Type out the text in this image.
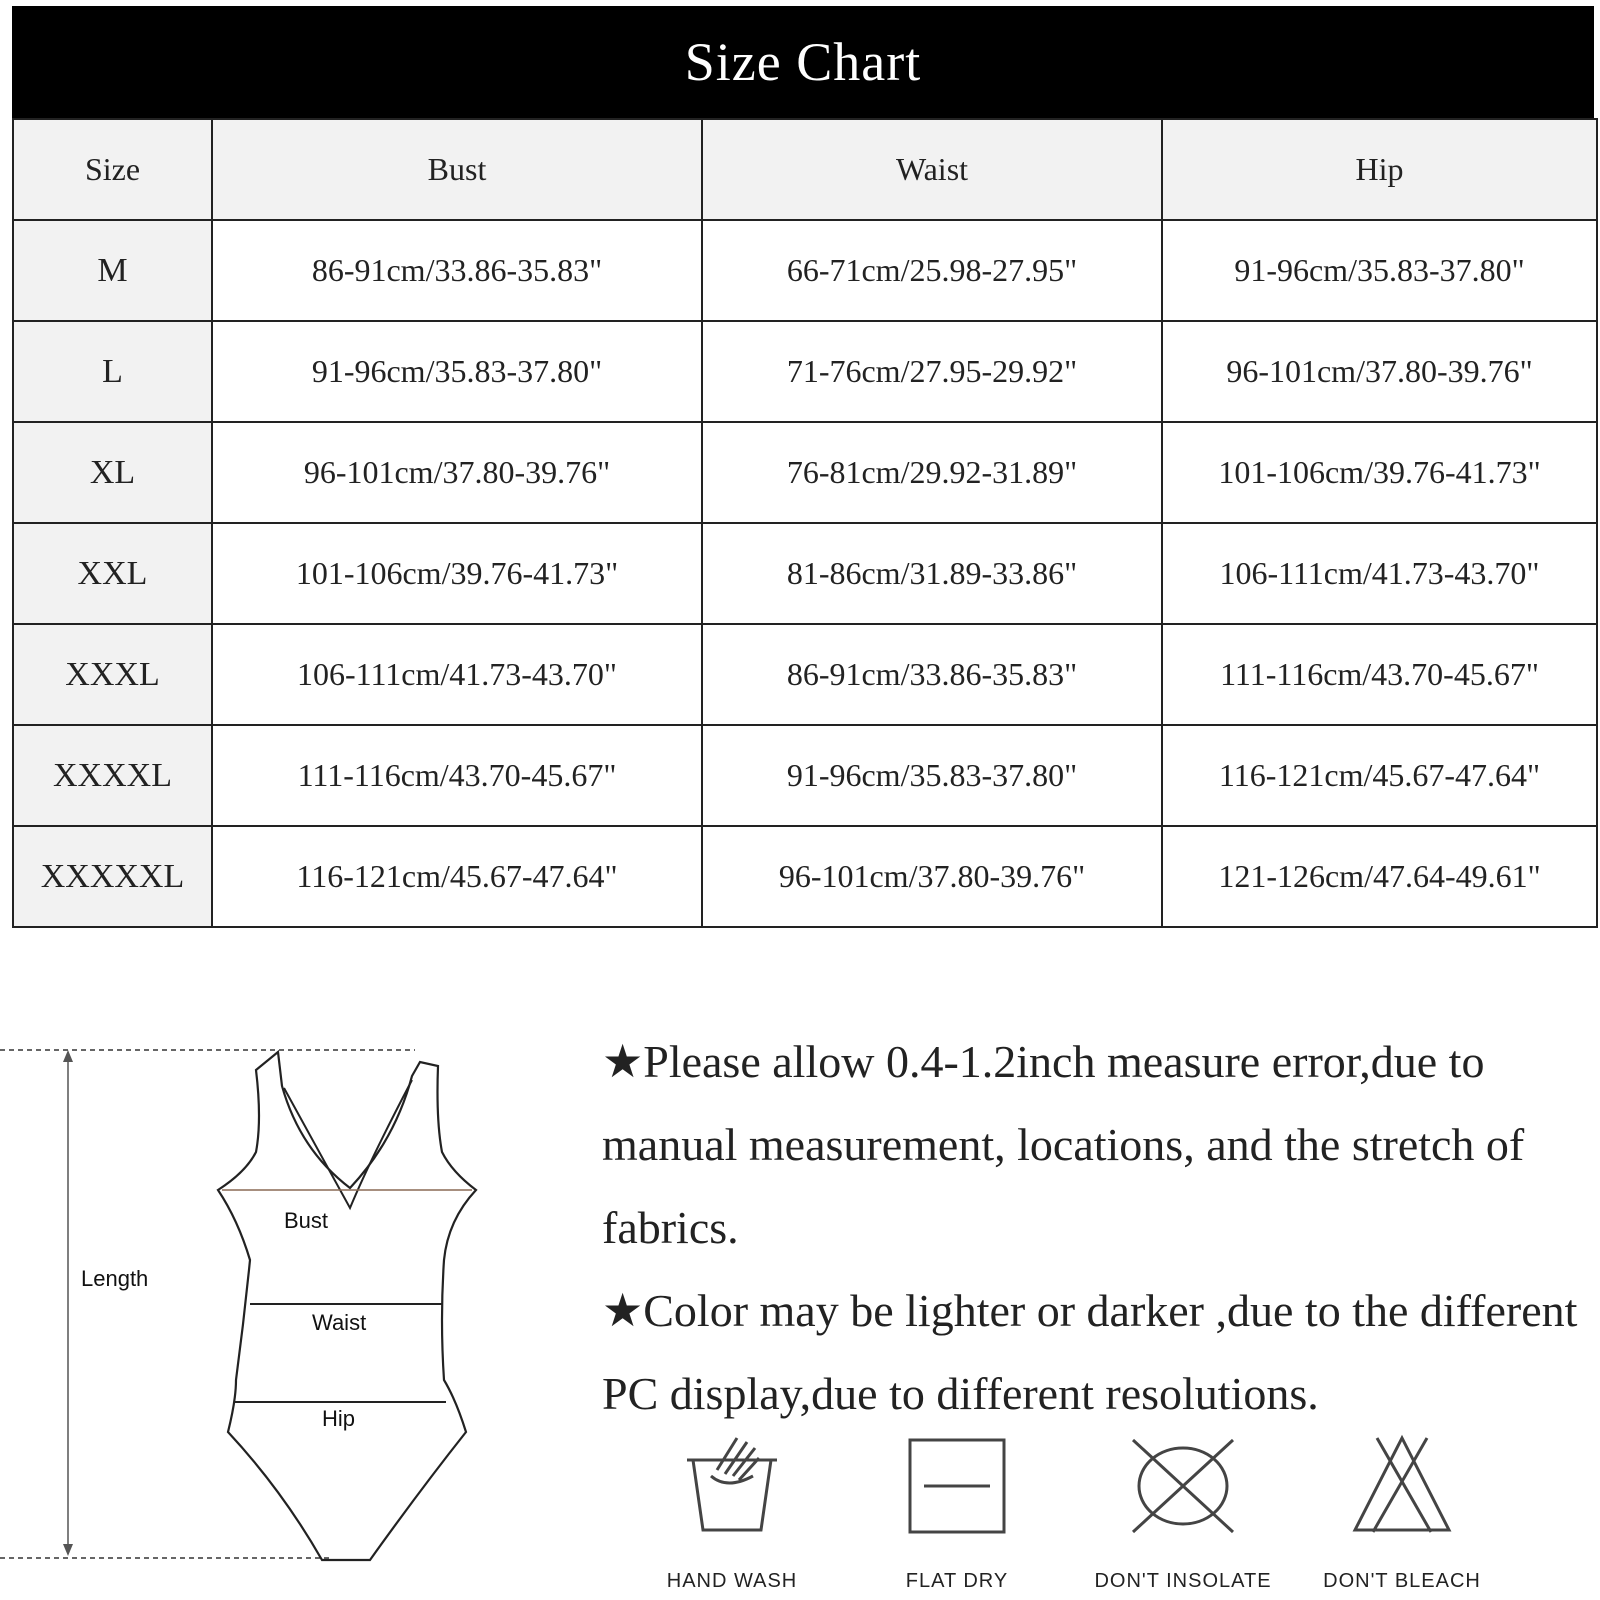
Size Chart
Size	Bust	Waist	Hip
M	86-91cm/33.86-35.83"	66-71cm/25.98-27.95"	91-96cm/35.83-37.80"
L	91-96cm/35.83-37.80"	71-76cm/27.95-29.92"	96-101cm/37.80-39.76"
XL	96-101cm/37.80-39.76"	76-81cm/29.92-31.89"	101-106cm/39.76-41.73"
XXL	101-106cm/39.76-41.73"	81-86cm/31.89-33.86"	106-111cm/41.73-43.70"
XXXL	106-111cm/41.73-43.70"	86-91cm/33.86-35.83"	111-116cm/43.70-45.67"
XXXXL	111-116cm/43.70-45.67"	91-96cm/35.83-37.80"	116-121cm/45.67-47.64"
XXXXXL	116-121cm/45.67-47.64"	96-101cm/37.80-39.76"	121-126cm/47.64-49.61"
Length
Bust
Waist
Hip

★Please allow 0.4-1.2inch measure error,due to manual measurement, locations, and the stretch of fabrics.

★Color may be lighter or darker ,due to the different PC display,due to different resolutions.

HAND WASH	FLAT DRY	DON'T INSOLATE	DON'T BLEACH
